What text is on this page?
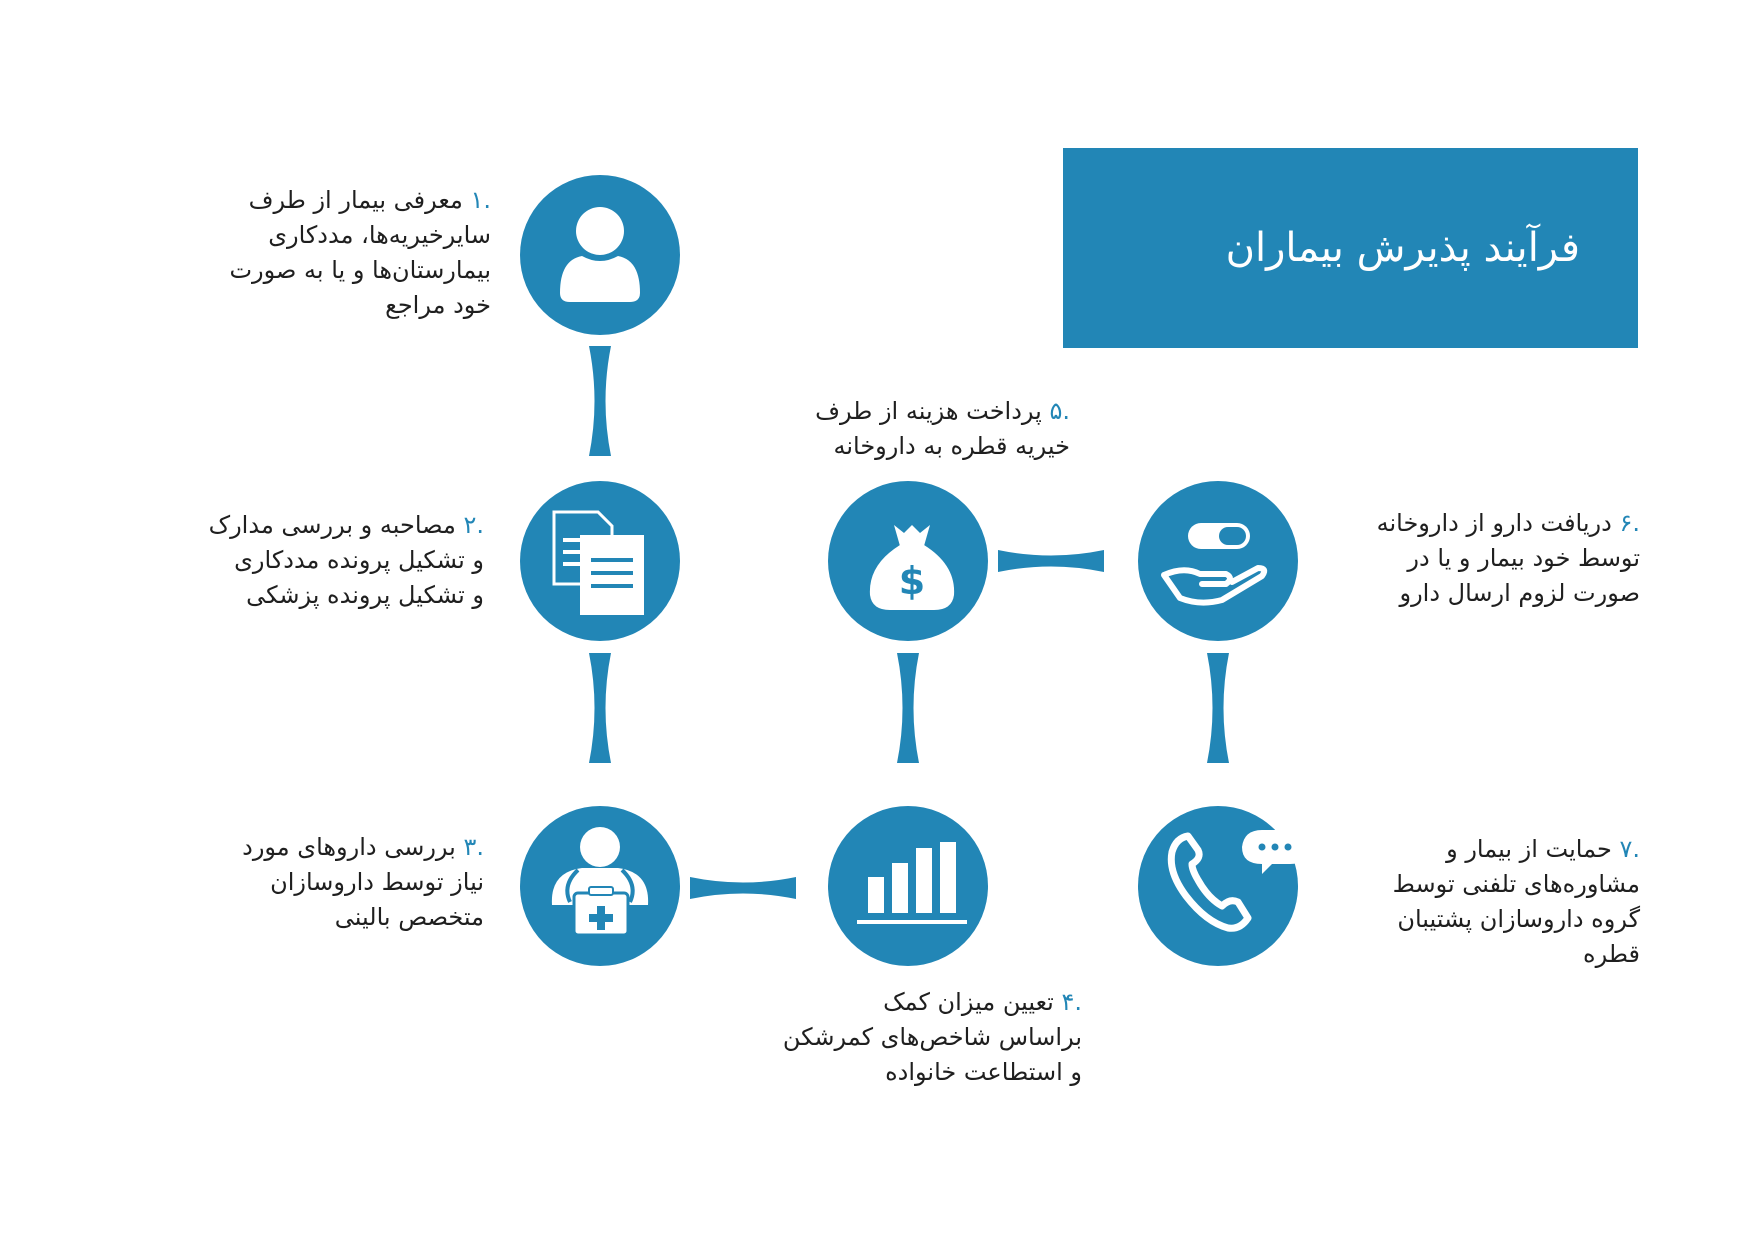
$
فرآیند پذیرش بیماران
.۱ معرفی بیمار از طرف
سایرخیریه‌ها، مددکاری
بیمارستان‌ها و یا به صورت
خود مراجع
.۲ مصاحبه و بررسی مدارک
و تشکیل پرونده مددکاری
و تشکیل پرونده پزشکی
.۳ بررسی داروهای مورد
نیاز توسط داروسازان
متخصص بالینی
.۴ تعیین میزان کمک
براساس شاخص‌های کمرشکن
و استطاعت خانواده
.۵ پرداخت هزینه از طرف
خیریه قطره به داروخانه
.۶ دریافت دارو از داروخانه
توسط خود بیمار و یا در
صورت لزوم ارسال دارو
.۷ حمایت از بیمار و
مشاوره‌های تلفنی توسط
گروه داروسازان پشتیبان
قطره
